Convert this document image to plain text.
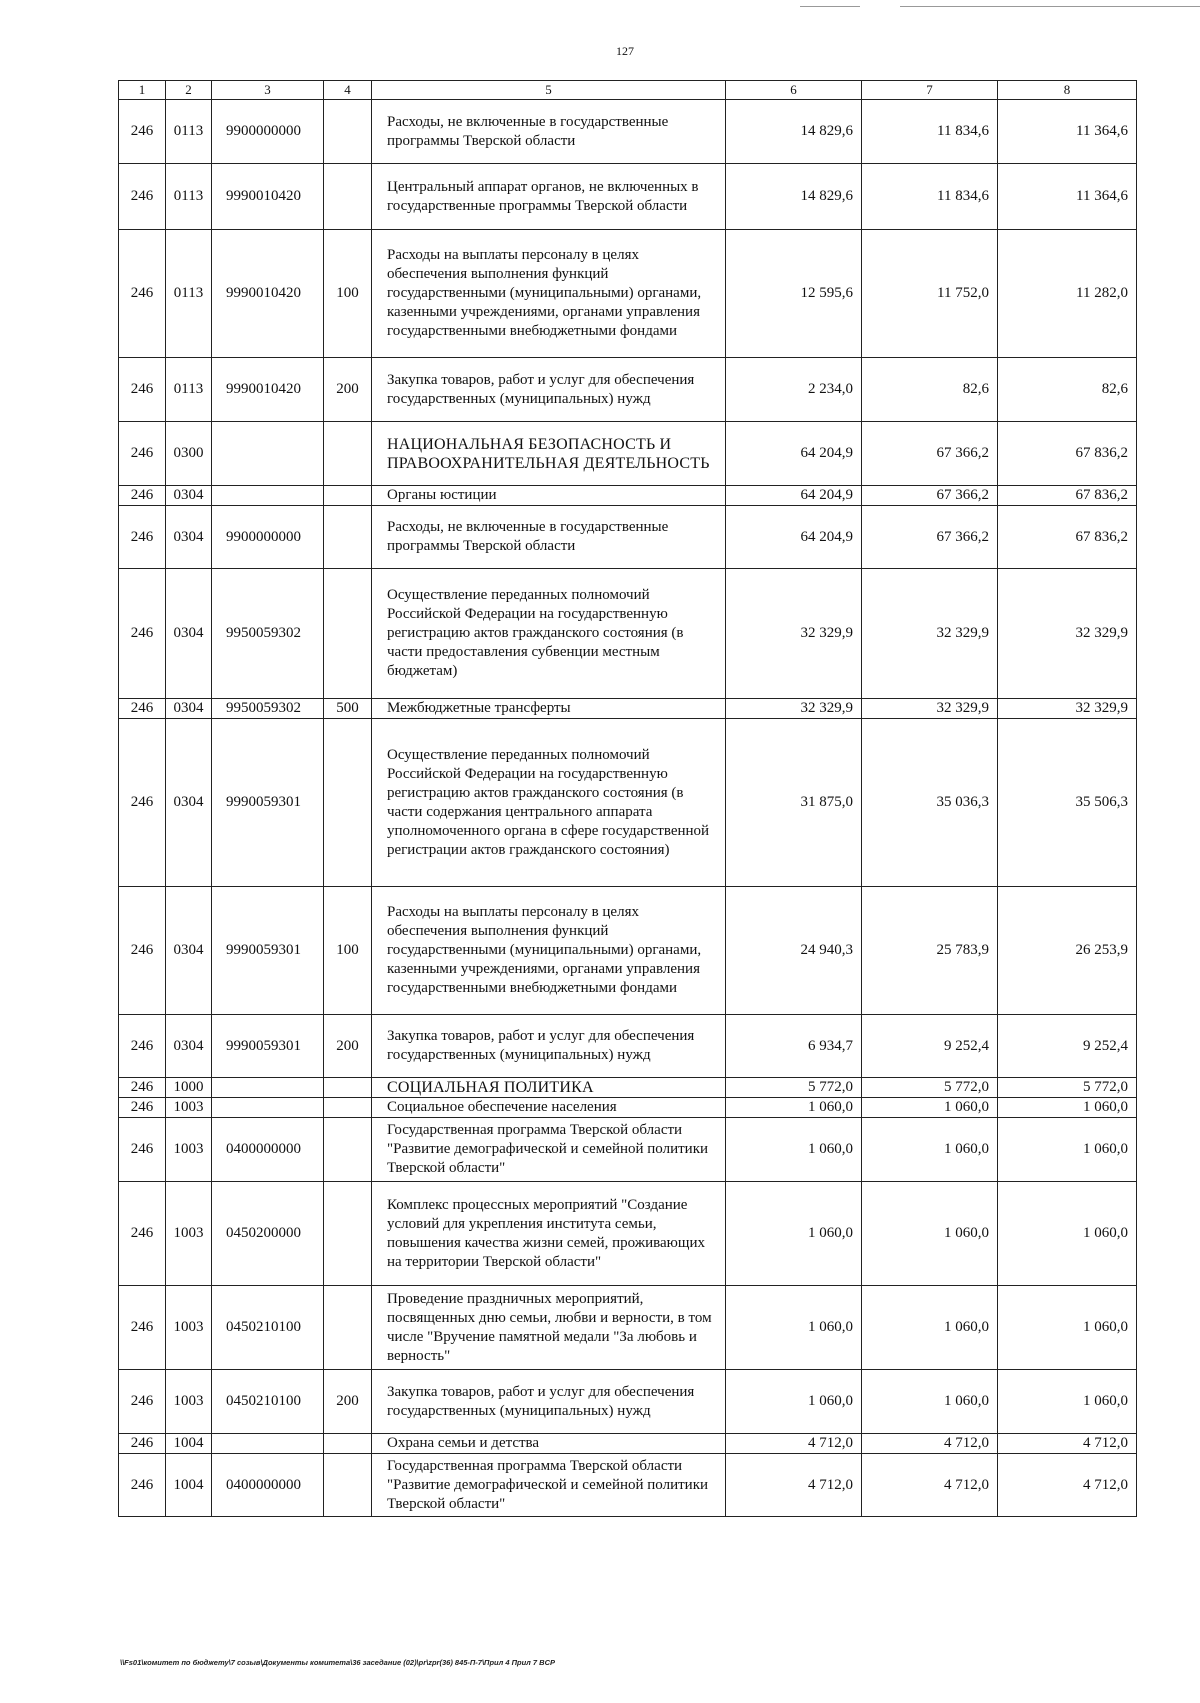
127
1	2	3	4	5	6	7	8
246	0113	9900000000		Расходы, не включенные в государственные программы Тверской области	14 829,6	11 834,6	11 364,6
246	0113	9990010420		Центральный аппарат органов, не включенных в государственные программы Тверской области	14 829,6	11 834,6	11 364,6
246	0113	9990010420	100	Расходы на выплаты персоналу в целях обеспечения выполнения функций государственными (муниципальными) органами, казенными учреждениями, органами управления государственными внебюджетными фондами	12 595,6	11 752,0	11 282,0
246	0113	9990010420	200	Закупка товаров, работ и услуг для обеспечения государственных (муниципальных) нужд	2 234,0	82,6	82,6
246	0300			НАЦИОНАЛЬНАЯ БЕЗОПАСНОСТЬ И ПРАВООХРАНИТЕЛЬНАЯ ДЕЯТЕЛЬНОСТЬ	64 204,9	67 366,2	67 836,2
246	0304			Органы юстиции	64 204,9	67 366,2	67 836,2
246	0304	9900000000		Расходы, не включенные в государственные программы Тверской области	64 204,9	67 366,2	67 836,2
246	0304	9950059302		Осуществление переданных полномочий Российской Федерации на государственную регистрацию актов гражданского состояния (в части предоставления субвенции местным бюджетам)	32 329,9	32 329,9	32 329,9
246	0304	9950059302	500	Межбюджетные трансферты	32 329,9	32 329,9	32 329,9
246	0304	9990059301		Осуществление переданных полномочий Российской Федерации на государственную регистрацию актов гражданского состояния (в части содержания центрального аппарата уполномоченного органа в сфере государственной регистрации актов гражданского состояния)	31 875,0	35 036,3	35 506,3
246	0304	9990059301	100	Расходы на выплаты персоналу в целях обеспечения выполнения функций государственными (муниципальными) органами, казенными учреждениями, органами управления государственными внебюджетными фондами	24 940,3	25 783,9	26 253,9
246	0304	9990059301	200	Закупка товаров, работ и услуг для обеспечения государственных (муниципальных) нужд	6 934,7	9 252,4	9 252,4
246	1000			СОЦИАЛЬНАЯ ПОЛИТИКА	5 772,0	5 772,0	5 772,0
246	1003			Социальное обеспечение населения	1 060,0	1 060,0	1 060,0
246	1003	0400000000		Государственная программа Тверской области "Развитие демографической и семейной политики Тверской области"	1 060,0	1 060,0	1 060,0
246	1003	0450200000		Комплекс процессных мероприятий "Создание условий для укрепления института семьи, повышения качества жизни семей, проживающих на территории Тверской области"	1 060,0	1 060,0	1 060,0
246	1003	0450210100		Проведение праздничных мероприятий, посвященных дню семьи, любви и верности, в том числе "Вручение памятной медали "За любовь и верность"	1 060,0	1 060,0	1 060,0
246	1003	0450210100	200	Закупка товаров, работ и услуг для обеспечения государственных (муниципальных) нужд	1 060,0	1 060,0	1 060,0
246	1004			Охрана семьи и детства	4 712,0	4 712,0	4 712,0
246	1004	0400000000		Государственная программа Тверской области "Развитие демографической и семейной политики Тверской области"	4 712,0	4 712,0	4 712,0
\\Fs01\комитет по бюджету\7 созыв\Документы комитета\36 заседание (02)\pr\zpr(36) 845-П-7\Прил 4 Прил 7 BCP
